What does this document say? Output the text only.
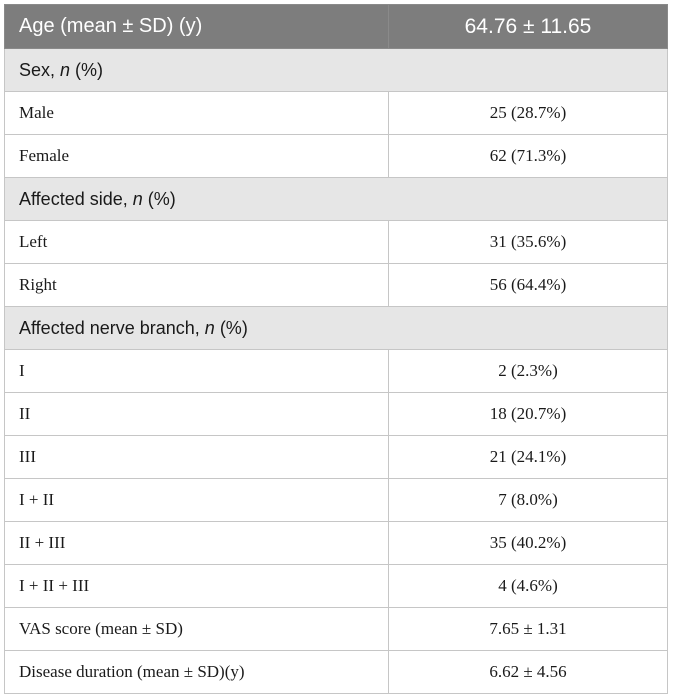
Age (mean ± SD) (y)	64.76 ± 11.65
Sex, n (%)	
Male	25 (28.7%)
Female	62 (71.3%)
Affected side, n (%)	
Left	31 (35.6%)
Right	56 (64.4%)
Affected nerve branch, n (%)	
I	2 (2.3%)
II	18 (20.7%)
III	21 (24.1%)
I + II	7 (8.0%)
II + III	35 (40.2%)
I + II + III	4 (4.6%)
VAS score (mean ± SD)	7.65 ± 1.31
Disease duration (mean ± SD)(y)	6.62 ± 4.56
